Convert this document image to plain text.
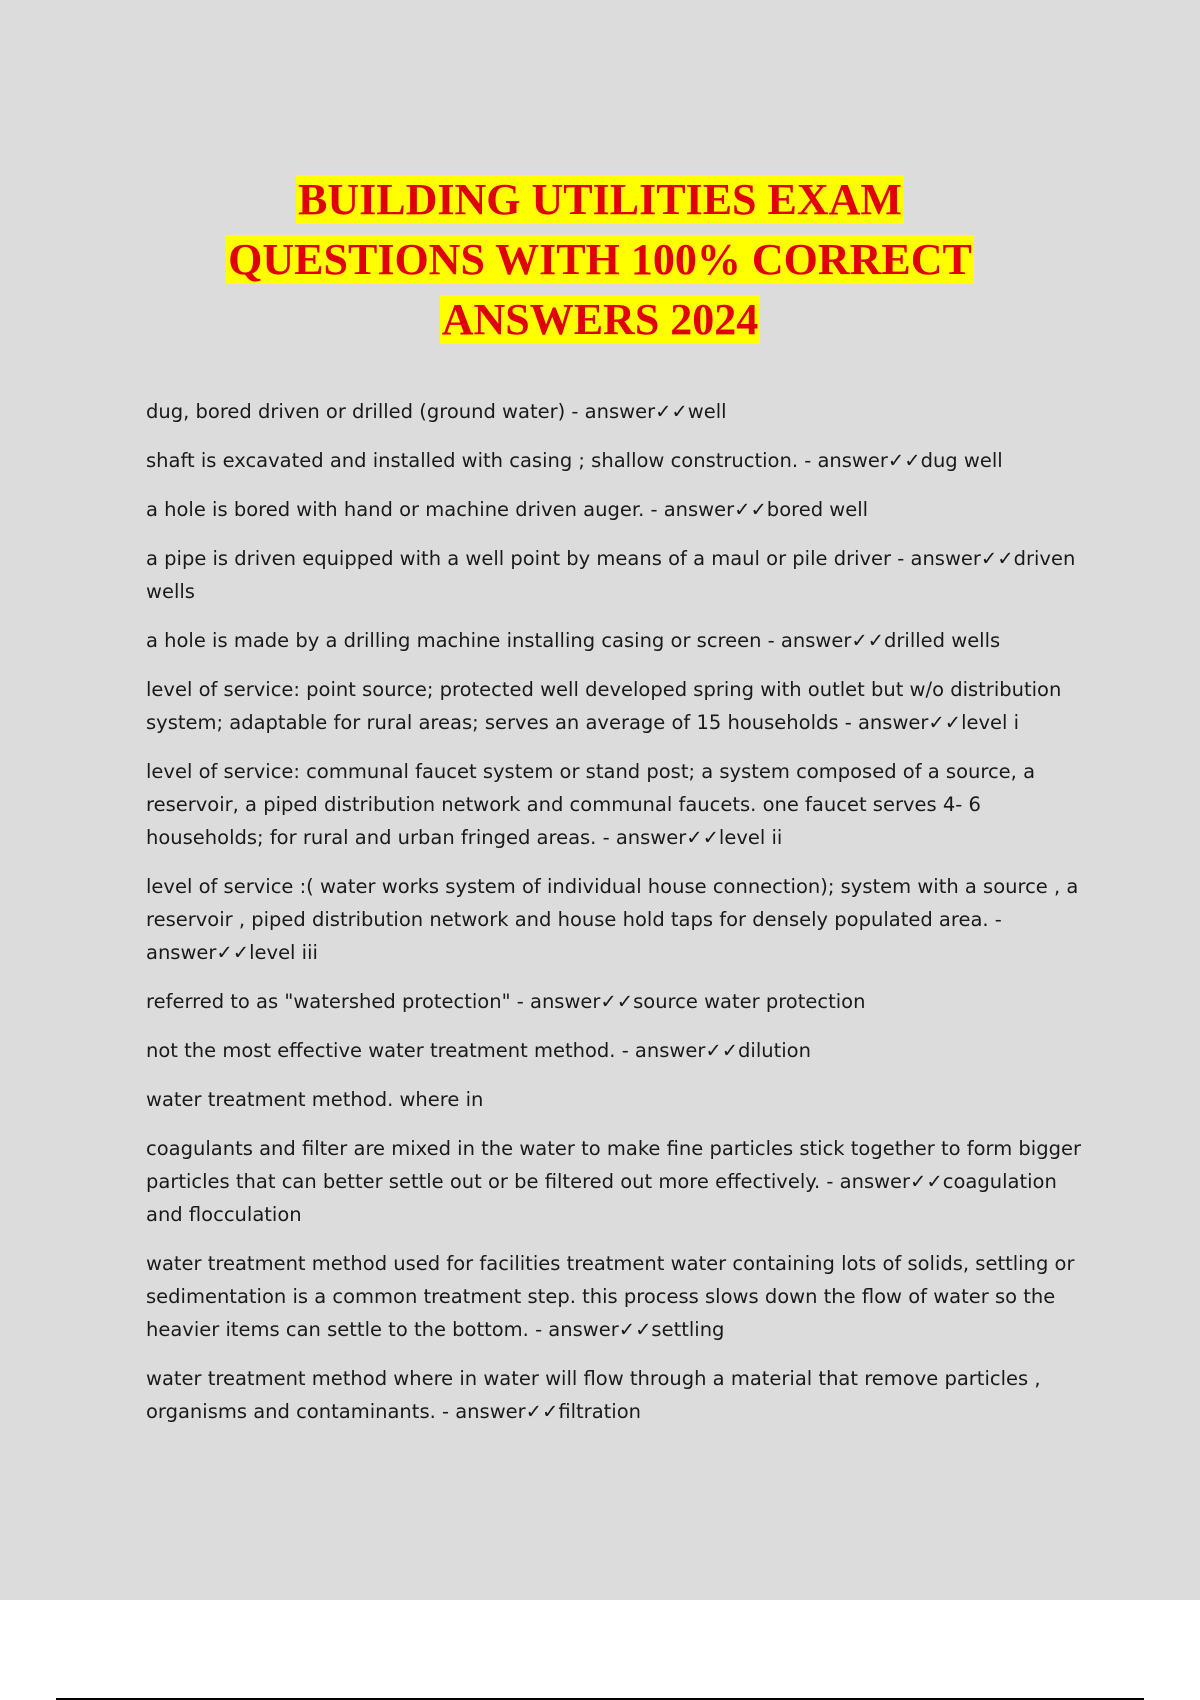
BUILDING UTILITIES EXAM
QUESTIONS WITH 100% CORRECT
ANSWERS 2024

dug, bored driven or drilled (ground water) - answer✓✓well

shaft is excavated and installed with casing ; shallow construction. - answer✓✓dug well

a hole is bored with hand or machine driven auger. - answer✓✓bored well

a pipe is driven equipped with a well point by means of a maul or pile driver - answer✓✓driven wells

a hole is made by a drilling machine installing casing or screen - answer✓✓drilled wells

level of service: point source; protected well developed spring with outlet but w/o distribution system; adaptable for rural areas; serves an average of 15 households - answer✓✓level i

level of service: communal faucet system or stand post; a system composed of a source, a reservoir, a piped distribution network and communal faucets. one faucet serves 4- 6 households; for rural and urban fringed areas. - answer✓✓level ii

level of service :( water works system of individual house connection); system with a source , a reservoir , piped distribution network and house hold taps for densely populated area. - answer✓✓level iii

referred to as "watershed protection" - answer✓✓source water protection

not the most effective water treatment method. - answer✓✓dilution

water treatment method. where in

coagulants and filter are mixed in the water to make fine particles stick together to form bigger particles that can better settle out or be filtered out more effectively. - answer✓✓coagulation and flocculation

water treatment method used for facilities treatment water containing lots of solids, settling or sedimentation is a common treatment step. this process slows down the flow of water so the heavier items can settle to the bottom. - answer✓✓settling

water treatment method where in water will flow through a material that remove particles , organisms and contaminants. - answer✓✓filtration
